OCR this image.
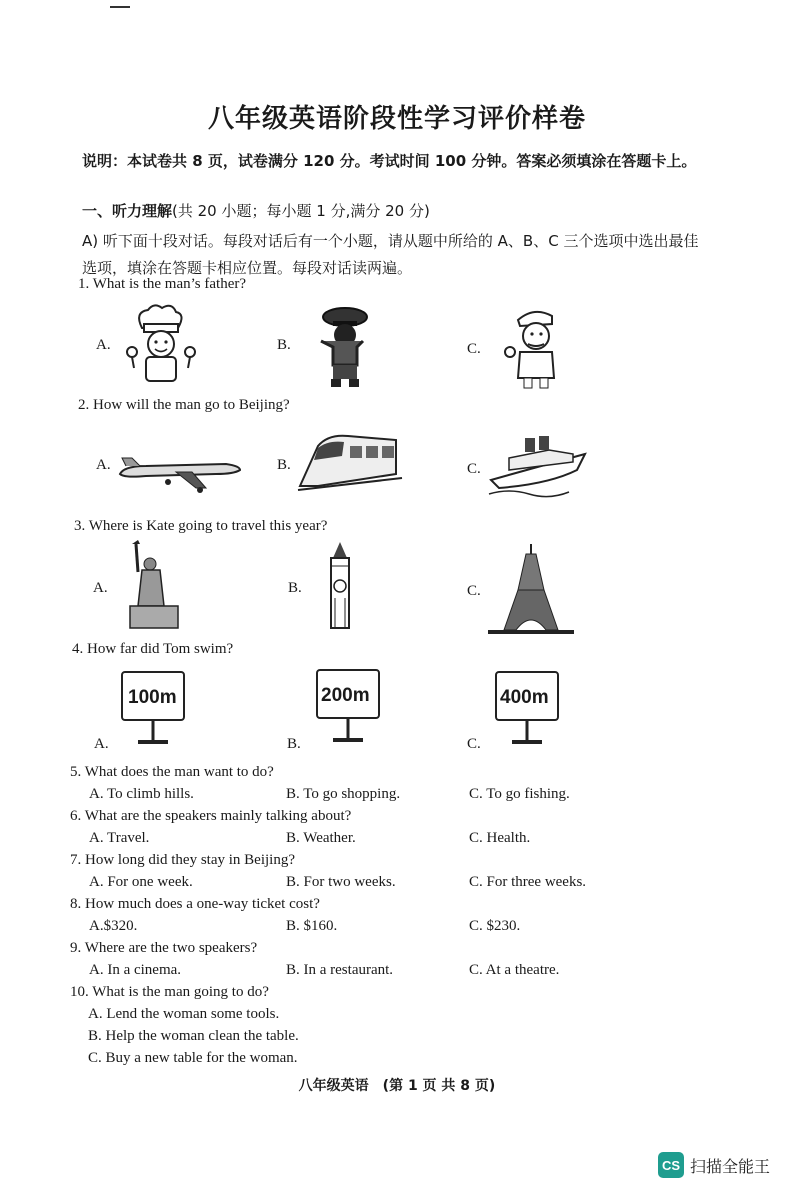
八年级英语阶段性学习评价样卷
说明：本试卷共 8 页，试卷满分 120 分。考试时间 100 分钟。答案必须填涂在答题卡上。
一、听力理解(共 20 小题；每小题 1 分,满分 20 分)
A) 听下面十段对话。每段对话后有一个小题，请从题中所给的 A、B、C 三个选项中选出最佳选项，填涂在答题卡相应位置。每段对话读两遍。
1. What is the man’s father?
A.	B.	C.
2. How will the man go to Beijing?
A.	B.	C.
3. Where is Kate going to travel this year?
A.	B.	C.
4. How far did Tom swim?
100m	200m	400m
A.	B.	C.
5. What does the man want to do?
A. To climb hills.	B. To go shopping.	C. To go fishing.
6. What are the speakers mainly talking about?
A. Travel.	B. Weather.	C. Health.
7. How long did they stay in Beijing?
A. For one week.	B. For two weeks.	C. For three weeks.
8. How much does a one-way ticket cost?
A.$320.	B. $160.	C. $230.
9. Where are the two speakers?
A. In a cinema.	B. In a restaurant.	C. At a theatre.
10. What is the man going to do?
A. Lend the woman some tools.
B. Help the woman clean the table.
C. Buy a new table for the woman.
八年级英语　(第 1 页 共 8 页)
CS 扫描全能王
